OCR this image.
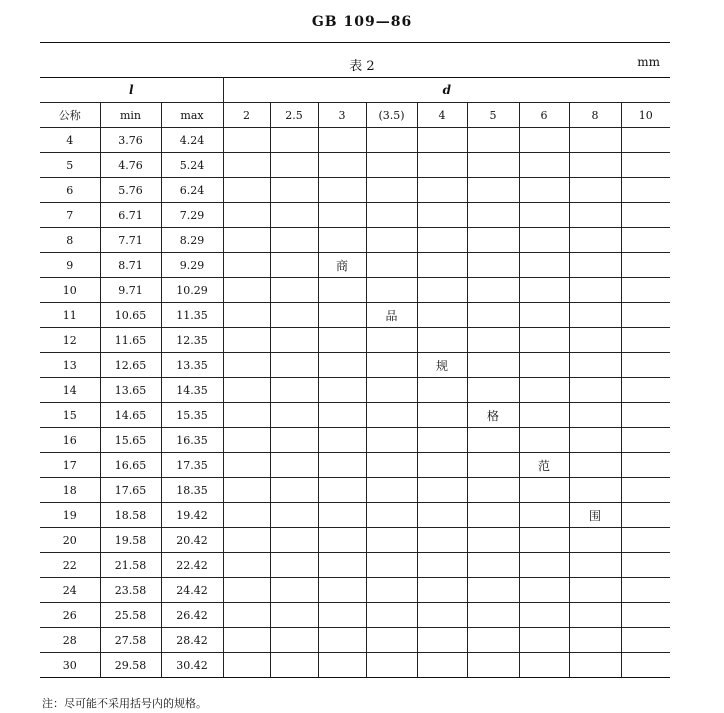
GB 109—86
表 2	mm
l			d								
公称	min	max	2	2.5	3	(3.5)	4	5	6	8	10
4	3.76	4.24									
5	4.76	5.24									
6	5.76	6.24									
7	6.71	7.29									
8	7.71	8.29									
9	8.71	9.29			商						
10	9.71	10.29									
11	10.65	11.35				品					
12	11.65	12.35									
13	12.65	13.35					规				
14	13.65	14.35									
15	14.65	15.35						格			
16	15.65	16.35									
17	16.65	17.35							范		
18	17.65	18.35									
19	18.58	19.42								围	
20	19.58	20.42									
22	21.58	22.42									
24	23.58	24.42									
26	25.58	26.42									
28	27.58	28.42									
30	29.58	30.42									
注：尽可能不采用括号内的规格。
